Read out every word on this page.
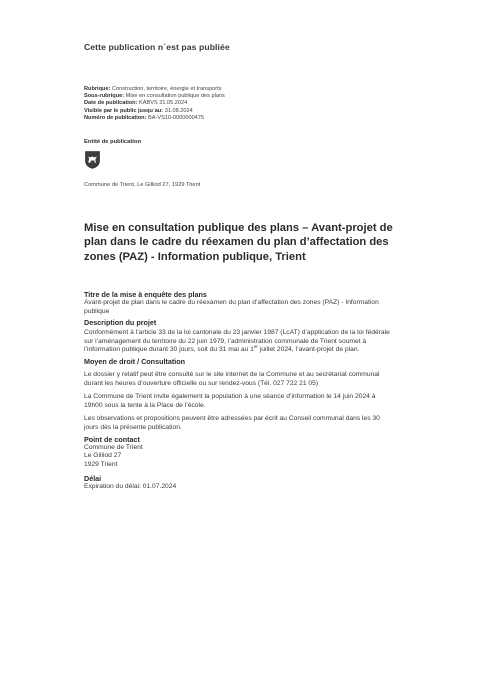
Cette publication n´est pas publiée
Rubrique: Construction, territoire, énergie et transports
Sous-rubrique: Mise en consultation publique des plans
Date de publication: KABVS 31.05.2024
Visible par le public jusqu´au: 31.08.2024
Numéro de publication: BA-VS10-0000000475
Entité de publication
Commune de Trient, Le Gilliod 27, 1929 Trient
Mise en consultation publique des plans – Avant-projet de plan dans le cadre du réexamen du plan d’affectation des zones (PAZ) - Information publique, Trient

Titre de la mise à enquête des plans

Avant-projet de plan dans le cadre du réexamen du plan d’affectation des zones (PAZ) - Information publique

Description du projet

Conformément à l’article 33 de la loi cantonale du 23 janvier 1987 (LcAT) d’application de la loi fédérale sur l’aménagement du territoire du 22 juin 1979, l’administration communale de Trient soumet à l’information publique durant 30 jours, soit du 31 mai au 1er juillet 2024, l’avant-projet de plan.

Moyen de droit / Consultation

Le dossier y relatif peut être consulté sur le site internet de la Commune et au secrétariat communal durant les heures d’ouverture officielle ou sur rendez-vous (Tél. 027 722 21 05)

La Commune de Trient invite également la population à une séance d’information le 14 juin 2024 à 19h00 sous la tente à la Place de l’école.

Les observations et propositions peuvent être adressées par écrit au Conseil communal dans les 30 jours dès la présente publication.

Point de contact

Commune de Trient

Le Gilliod 27

1929 Trient

Délai

Expiration du délai: 01.07.2024
